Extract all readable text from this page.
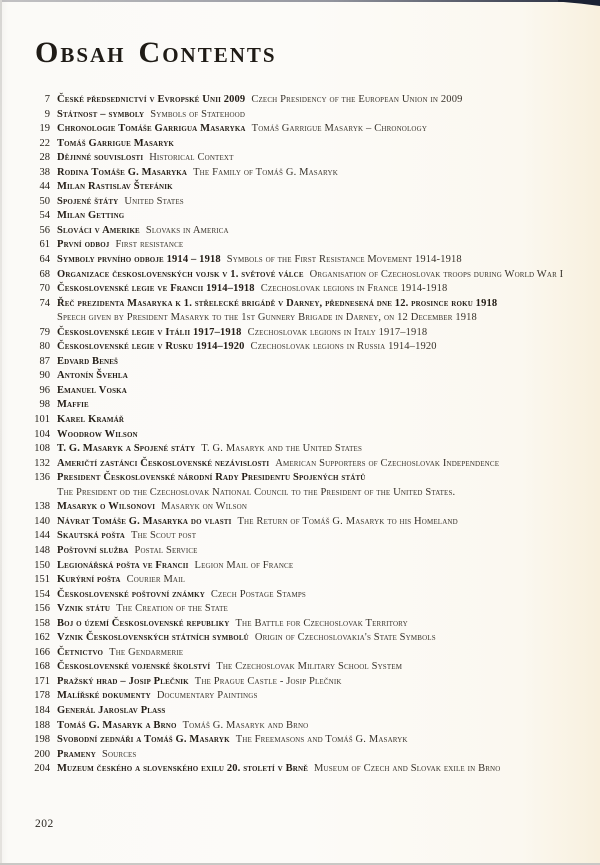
Obsah Contents
7 České předsednictví v Evropské Unii 2009 Czech Presidency of the European Union in 2009
9 Státnost – symboly Symbols of Statehood
19 Chronologie Tomáše Garrigua Masaryka Tomáš Garrigue Masaryk – Chronology
22 Tomáš Garrigue Masaryk
28 Dějinné souvislosti Historical Context
38 Rodina Tomáše G. Masaryka The Family of Tomáš G. Masaryk
44 Milan Rastislav Štefánik
50 Spojené štáty United States
54 Milan Getting
56 Slováci v Amerike Slovaks in America
61 První odboj First resistance
64 Symboly prvního odboje 1914 – 1918 Symbols of the First Resistance Movement 1914-1918
68 Organizace československých vojsk v 1. světové válce Organisation of Czechoslovak troops during World War I
70 Československé legie ve Francii 1914–1918 Czechoslovak legions in France 1914-1918
74 Řeč prezidenta Masaryka k 1. střelecké brigádě v Darney, přednesená dne 12. prosince roku 1918
Speech given by President Masaryk to the 1st Gunnery Brigade in Darney, on 12 December 1918
79 Československé legie v Itálii 1917–1918 Czechoslovak legions in Italy 1917–1918
80 Československé legie v Rusku 1914–1920 Czechoslovak legions in Russia 1914–1920
87 Edvard Beneš
90 Antonín Švehla
96 Emanuel Voska
98 Maffie
101 Karel Kramář
104 Woodrow Wilson
108 T. G. Masaryk a Spojené státy T. G. Masaryk and the United States
132 Američtí zastánci Československé nezávislosti American Supporters of Czechoslovak Independence
136 President Československé národní Rady Presidentu Spojených států
The President od the Czechoslovak National Council to the President of the United States.
138 Masaryk o Wilsonovi Masaryk on Wilson
140 Návrat Tomáše G. Masaryka do vlasti The Return of Tomáš G. Masaryk to his Homeland
144 Skautská pošta The Scout post
148 Poštovní služba Postal Service
150 Legionářská pošta ve Francii Legion Mail of France
151 Kurýrní pošta Courier Mail
154 Československé poštovní známky Czech Postage Stamps
156 Vznik státu The Creation of the State
158 Boj o území Československé republiky The Battle for Czechoslovak Territory
162 Vznik Československých státních symbolů Origin of Czechoslovakia's State Symbols
166 Četnictvo The Gendarmerie
168 Československé vojenské školství The Czechoslovak Military School System
171 Pražský hrad – Josip Plečnik The Prague Castle - Josip Plečnik
178 Malířské dokumenty Documentary Paintings
184 Generál Jaroslav Plass
188 Tomáš G. Masaryk a Brno Tomáš G. Masaryk and Brno
198 Svobodní zednáři a Tomáš G. Masaryk The Freemasons and Tomáš G. Masaryk
200 Prameny Sources
204 Muzeum českého a slovenského exilu 20. století v Brně Museum of Czech and Slovak exile in Brno
202
